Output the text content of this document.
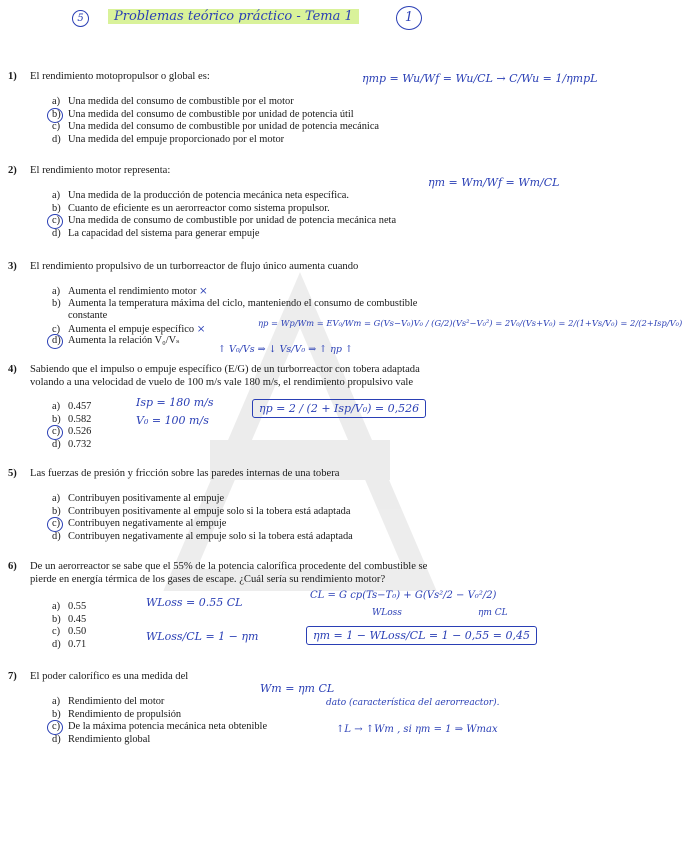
5	Problemas teórico práctico - Tema 1	1
1) El rendimiento motopropulsor o global es:
a) Una medida del consumo de combustible por el motor
b) Una medida del consumo de combustible por unidad de potencia útil
c) Una medida del consumo de combustible por unidad de potencia mecánica
d) Una medida del empuje proporcionado por el motor
ηmp = Wu/Wf = Wu/CL → C/Wu = 1/ηmpL
2) El rendimiento motor representa:
a) Una medida de la producción de potencia mecánica neta específica.
b) Cuanto de eficiente es un aerorreactor como sistema propulsor.
c) Una medida de consumo de combustible por unidad de potencia mecánica neta
d) La capacidad del sistema para generar empuje
ηm = Wm/Wf = Wm/CL
3) El rendimiento propulsivo de un turborreactor de flujo único aumenta cuando
a) Aumenta el rendimiento motor ×
b) Aumenta la temperatura máxima del ciclo, manteniendo el consumo de combustible
constante
c) Aumenta el empuje específico ×
d) Aumenta la relación V₀/Vₛ
ηp = Wp/Wm = EV₀/Wm = G(Vs−V₀)V₀ / (G/2)(Vs²−V₀²) = 2V₀/(Vs+V₀) = 2/(1+Vs/V₀) = 2/(2+Isp/V₀)
↑ V₀/Vs ⇒ ↓ Vs/V₀ ⇒ ↑ ηp ↑
4) Sabiendo que el impulso o empuje específico (E/G) de un turborreactor con tobera adaptada
volando a una velocidad de vuelo de 100 m/s vale 180 m/s, el rendimiento propulsivo vale
a) 0.457
b) 0.582
c) 0.526
d) 0.732
Isp = 180 m/s
V₀ = 100 m/s
ηp = 2 / (2 + Isp/V₀) = 0,526
5) Las fuerzas de presión y fricción sobre las paredes internas de una tobera
a) Contribuyen positivamente al empuje
b) Contribuyen positivamente al empuje solo si la tobera está adaptada
c) Contribuyen negativamente al empuje
d) Contribuyen negativamente al empuje solo si la tobera está adaptada
6) De un aerorreactor se sabe que el 55% de la potencia calorífica procedente del combustible se
pierde en energía térmica de los gases de escape. ¿Cuál sería su rendimiento motor?
a) 0.55
b) 0.45
c) 0.50
d) 0.71
WLoss = 0.55 CL
CL = G cp(Ts−T₀) + G(Vs²/2 − V₀²/2)
WLoss	ηm CL
WLoss/CL = 1 − ηm	ηm = 1 − WLoss/CL = 1 − 0,55 = 0,45
7) El poder calorífico es una medida del
a) Rendimiento del motor
b) Rendimiento de propulsión
c) De la máxima potencia mecánica neta obtenible
d) Rendimiento global
Wm = ηm CL
dato (característica del aerorreactor).
↑L → ↑Wm , si ηm = 1 ⇒ Wmax
